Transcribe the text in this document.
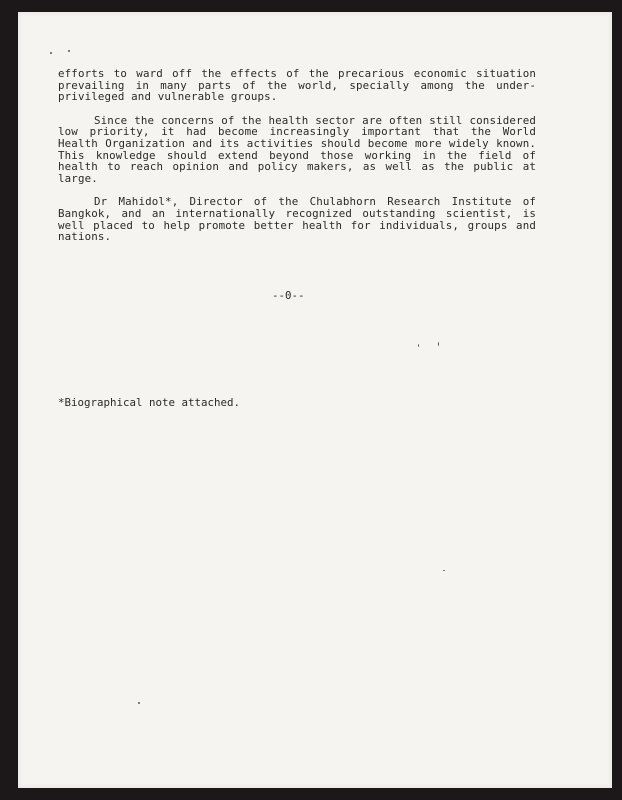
efforts to ward off the effects of the precarious economic situation prevailing in many parts of the world, specially among the under-privileged and vulnerable groups.

Since the concerns of the health sector are often still considered low priority, it had become increasingly important that the World Health Organization and its activities should become more widely known. This knowledge should extend beyond those working in the field of health to reach opinion and policy makers, as well as the public at large.

Dr Mahidol*, Director of the Chulabhorn Research Institute of Bangkok, and an internationally recognized outstanding scientist, is well placed to help promote better health for individuals, groups and nations.

--0--
*Biographical note attached.
